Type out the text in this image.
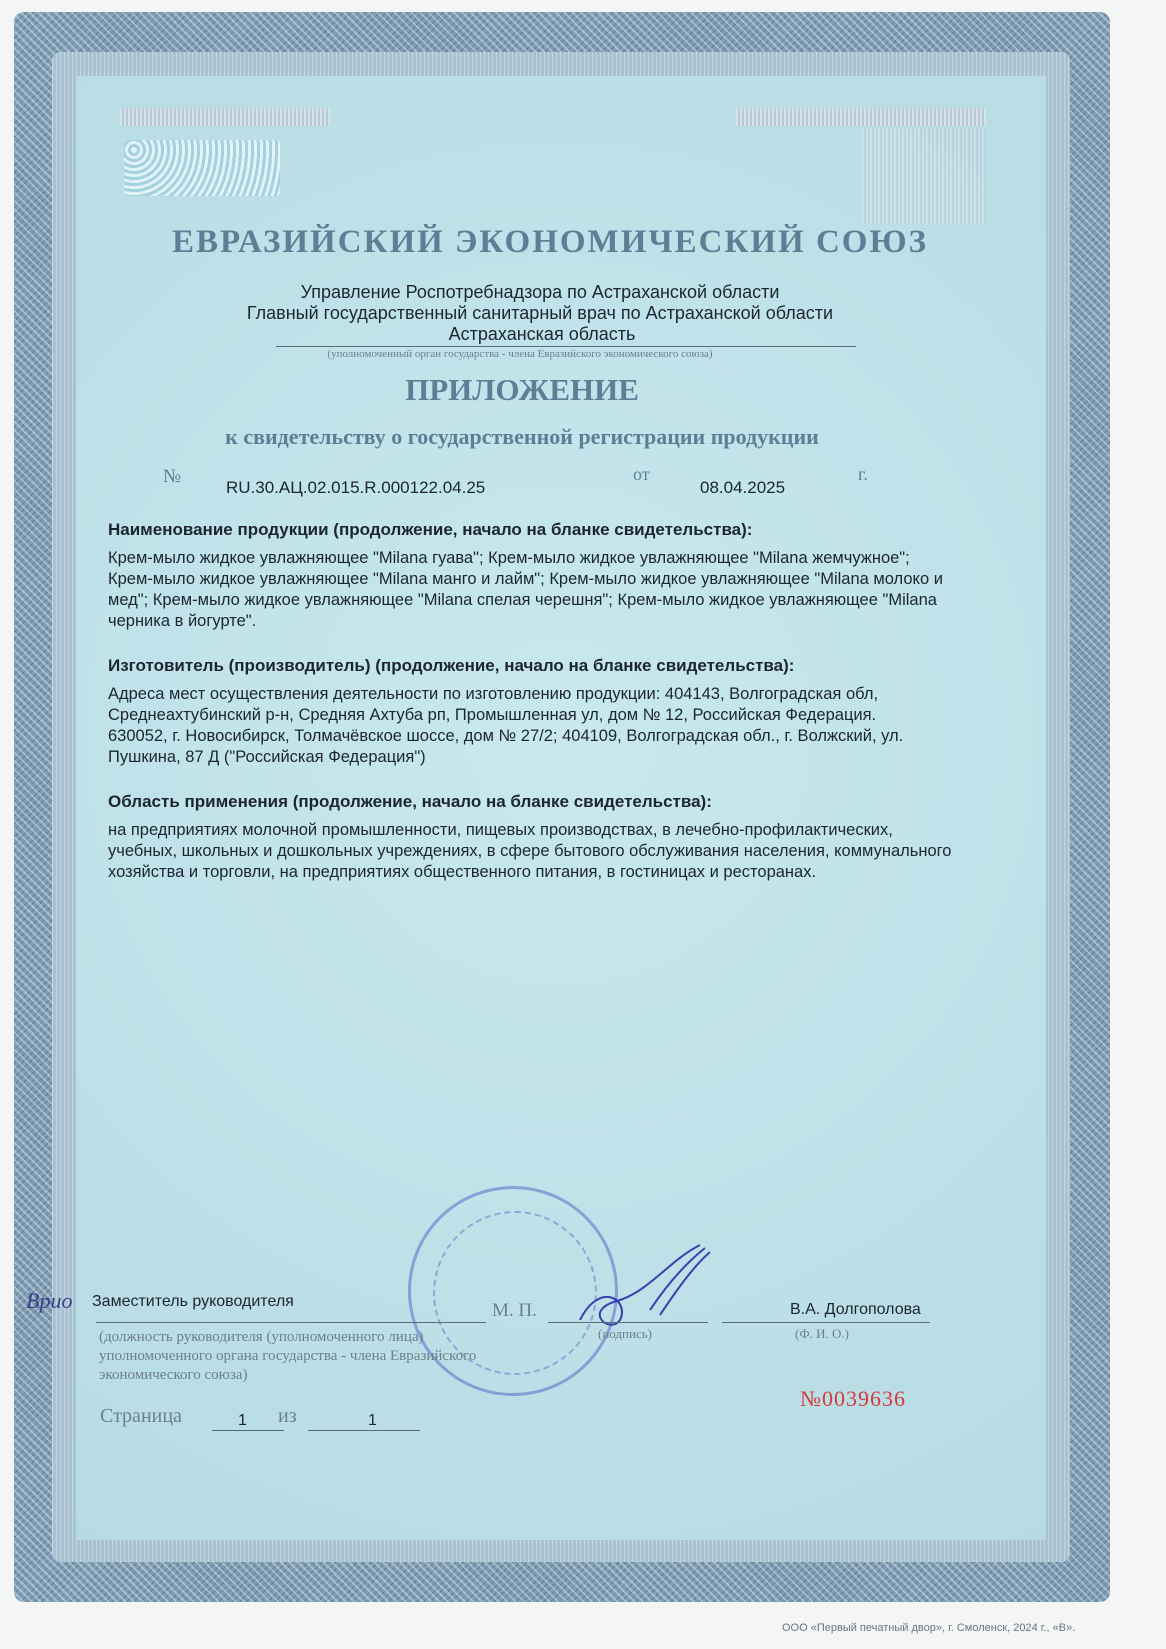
ЕВРАЗИЙСКИЙ ЭКОНОМИЧЕСКИЙ СОЮЗ
Управление Роспотребнадзора по Астраханской области
Главный государственный санитарный врач по Астраханской области
Астраханская область
(уполномоченный орган государства - члена Евразийского экономического союза)
ПРИЛОЖЕНИЕ
к свидетельству о государственной регистрации продукции
№
RU.30.АЦ.02.015.R.000122.04.25
от
08.04.2025
г.
Наименование продукции (продолжение, начало на бланке свидетельства):
Крем-мыло жидкое увлажняющее "Milana гуава"; Крем-мыло жидкое увлажняющее "Milana жемчужное"; Крем-мыло жидкое увлажняющее "Milana манго и лайм"; Крем-мыло жидкое увлажняющее "Milana молоко и мед"; Крем-мыло жидкое увлажняющее "Milana спелая черешня"; Крем-мыло жидкое увлажняющее "Milana черника в йогурте".
Изготовитель (производитель) (продолжение, начало на бланке свидетельства):
Адреса мест осуществления деятельности по изготовлению продукции: 404143, Волгоградская обл, Среднеахтубинский р-н, Средняя Ахтуба рп, Промышленная ул, дом № 12, Российская Федерация. 630052, г. Новосибирск, Толмачёвское шоссе, дом № 27/2; 404109, Волгоградская обл., г. Волжский, ул. Пушкина, 87 Д ("Российская Федерация")
Область применения (продолжение, начало на бланке свидетельства):
на предприятиях молочной промышленности, пищевых производствах, в лечебно-профилактических, учебных, школьных и дошкольных учреждениях, в сфере бытового обслуживания населения, коммунального хозяйства и торговли, на предприятиях общественного питания, в гостиницах и ресторанах.
Врио Заместитель руководителя
(должность руководителя (уполномоченного лица) уполномоченного органа государства - члена Евразийского экономического союза)
М. П.
(подпись)
В.А. Долгополова
(Ф. И. О.)
Страница	1 из	1
№0039636
ООО «Первый печатный двор», г. Смоленск, 2024 г., «В».
